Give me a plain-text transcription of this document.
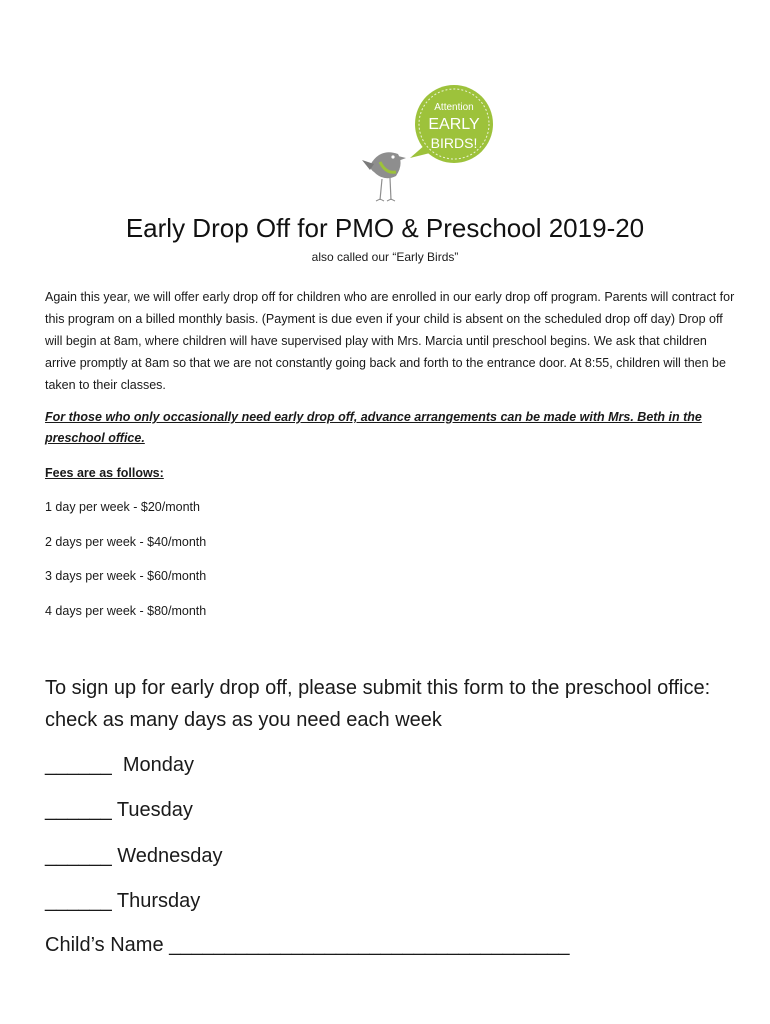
Attention
EARLY
BIRDS!
Early Drop Off for PMO & Preschool 2019-20
also called our “Early Birds”
Again this year, we will offer early drop off for children who are enrolled in our early drop off program. Parents will contract for this program on a billed monthly basis. (Payment is due even if your child is absent on the scheduled drop off day) Drop off will begin at 8am, where children will have supervised play with Mrs. Marcia until preschool begins. We ask that children arrive promptly at 8am so that we are not constantly going back and forth to the entrance door. At 8:55, children will then be taken to their classes.
For those who only occasionally need early drop off, advance arrangements can be made with Mrs. Beth in the preschool office.
Fees are as follows:
1 day per week - $20/month
2 days per week - $40/month
3 days per week - $60/month
4 days per week - $80/month
To sign up for early drop off, please submit this form to the preschool office: check as many days as you need each week
______  Monday
______ Tuesday
______ Wednesday
______ Thursday
Child’s Name ____________________________________
